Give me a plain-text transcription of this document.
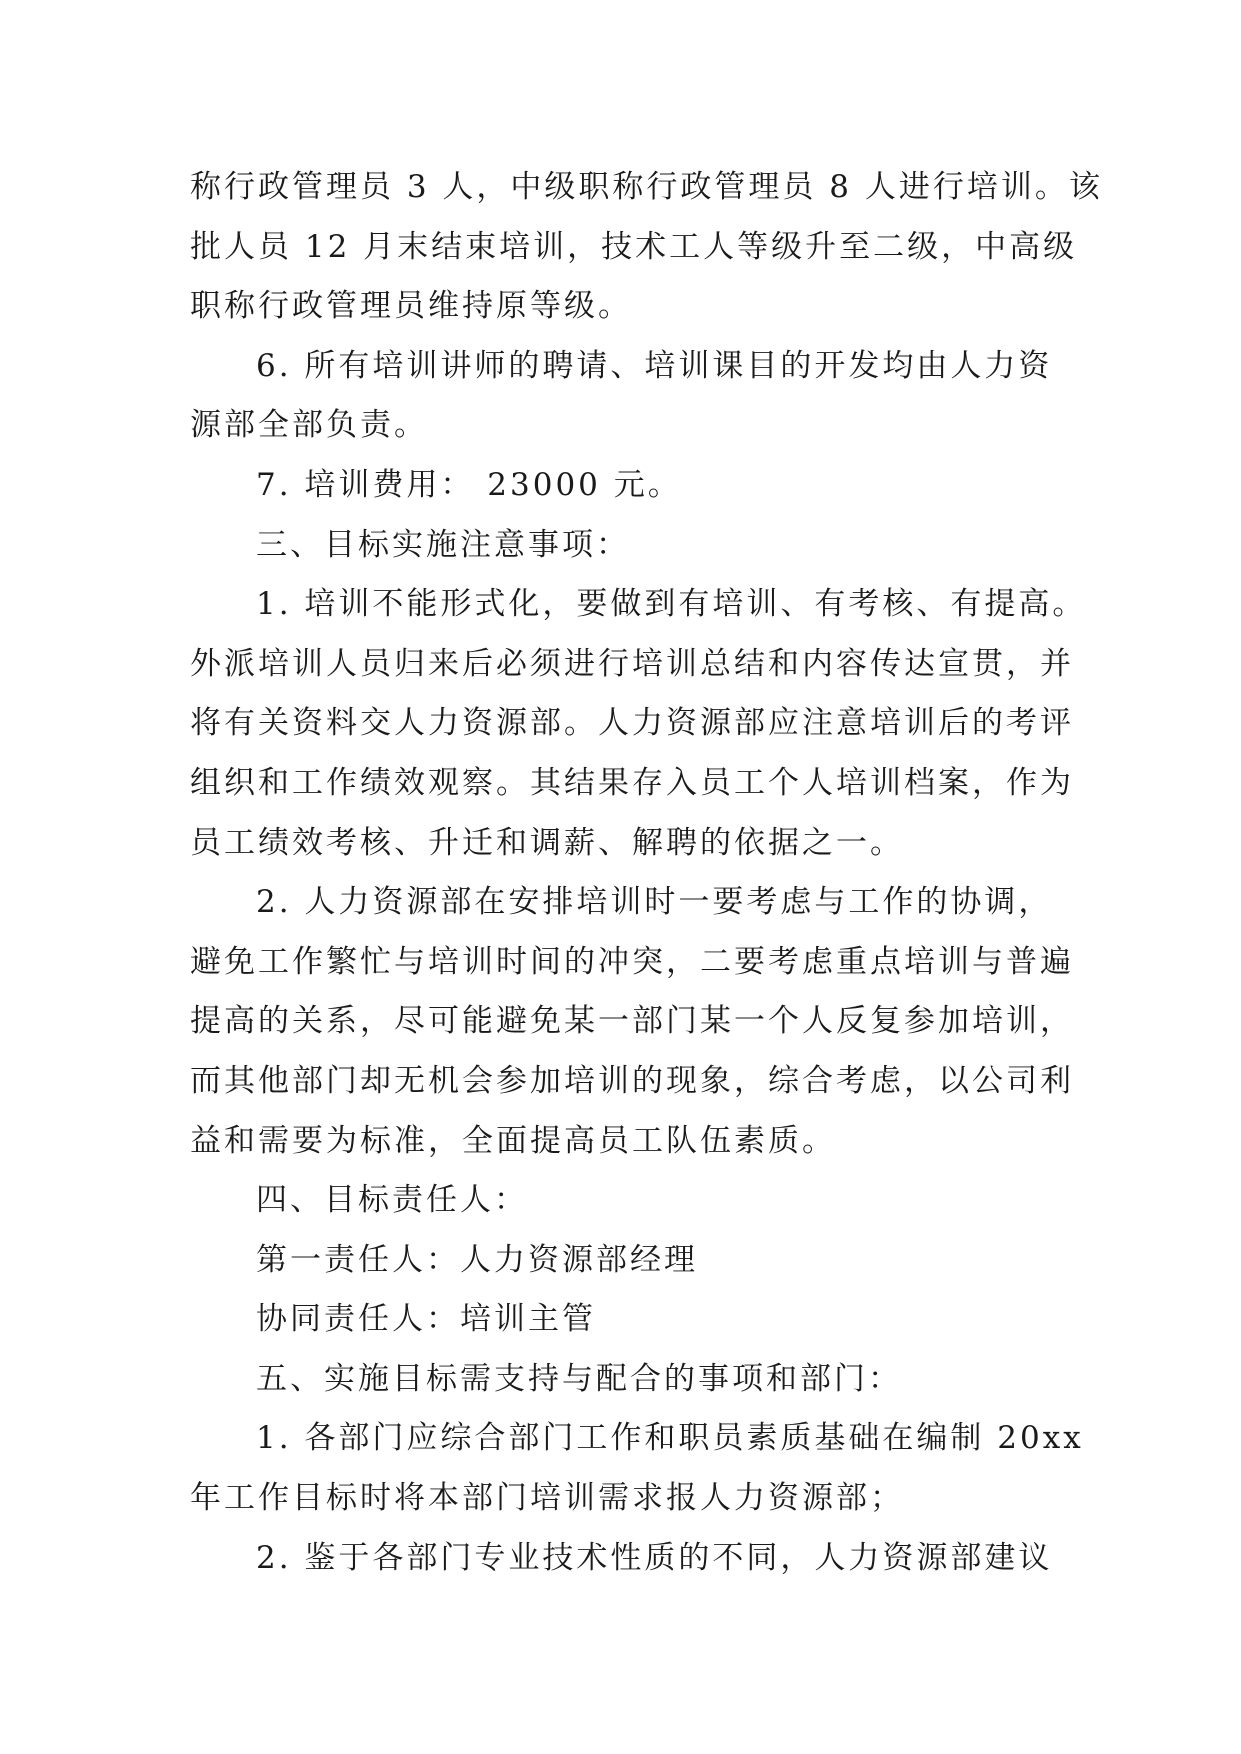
称行政管理员 3 人，中级职称行政管理员 8 人进行培训。该
批人员 12 月末结束培训，技术工人等级升至二级，中高级
职称行政管理员维持原等级。
6. 所有培训讲师的聘请、培训课目的开发均由人力资
源部全部负责。
7. 培训费用： 23000 元。
三、目标实施注意事项：
1. 培训不能形式化，要做到有培训、有考核、有提高。
外派培训人员归来后必须进行培训总结和内容传达宣贯，并
将有关资料交人力资源部。人力资源部应注意培训后的考评
组织和工作绩效观察。其结果存入员工个人培训档案，作为
员工绩效考核、升迁和调薪、解聘的依据之一。
2. 人力资源部在安排培训时一要考虑与工作的协调，
避免工作繁忙与培训时间的冲突，二要考虑重点培训与普遍
提高的关系，尽可能避免某一部门某一个人反复参加培训，
而其他部门却无机会参加培训的现象，综合考虑，以公司利
益和需要为标准，全面提高员工队伍素质。
四、目标责任人：
第一责任人：人力资源部经理
协同责任人：培训主管
五、实施目标需支持与配合的事项和部门：
1. 各部门应综合部门工作和职员素质基础在编制 20xx
年工作目标时将本部门培训需求报人力资源部；
2. 鉴于各部门专业技术性质的不同，人力资源部建议
